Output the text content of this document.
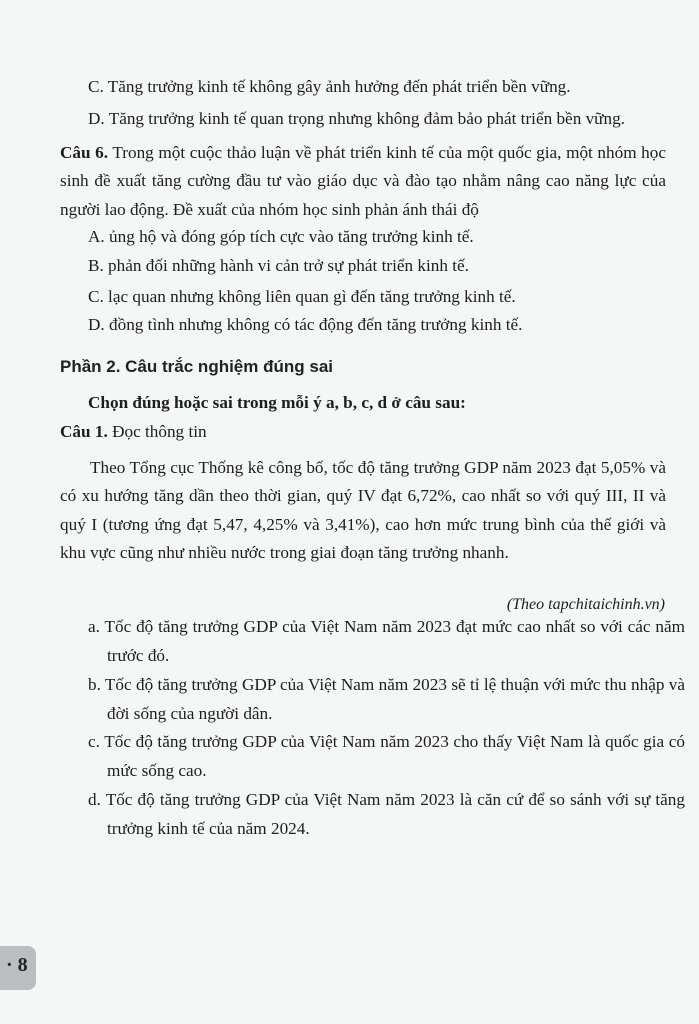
C. Tăng trưởng kinh tế không gây ảnh hưởng đến phát triển bền vững.
D. Tăng trưởng kinh tế quan trọng nhưng không đảm bảo phát triển bền vững.
Câu 6. Trong một cuộc thảo luận về phát triển kinh tế của một quốc gia, một nhóm học sinh đề xuất tăng cường đầu tư vào giáo dục và đào tạo nhằm nâng cao năng lực của người lao động. Đề xuất của nhóm học sinh phản ánh thái độ
A. ủng hộ và đóng góp tích cực vào tăng trưởng kinh tế.
B. phản đối những hành vi cản trở sự phát triển kinh tế.
C. lạc quan nhưng không liên quan gì đến tăng trưởng kinh tế.
D. đồng tình nhưng không có tác động đến tăng trưởng kinh tế.
Phần 2. Câu trắc nghiệm đúng sai
Chọn đúng hoặc sai trong mỗi ý a, b, c, d ở câu sau:
Câu 1. Đọc thông tin
Theo Tổng cục Thống kê công bố, tốc độ tăng trưởng GDP năm 2023 đạt 5,05% và có xu hướng tăng dần theo thời gian, quý IV đạt 6,72%, cao nhất so với quý III, II và quý I (tương ứng đạt 5,47, 4,25% và 3,41%), cao hơn mức trung bình của thế giới và khu vực cũng như nhiều nước trong giai đoạn tăng trưởng nhanh.
(Theo tapchitaichinh.vn)
a. Tốc độ tăng trưởng GDP của Việt Nam năm 2023 đạt mức cao nhất so với các năm trước đó.
b. Tốc độ tăng trưởng GDP của Việt Nam năm 2023 sẽ tỉ lệ thuận với mức thu nhập và đời sống của người dân.
c. Tốc độ tăng trưởng GDP của Việt Nam năm 2023 cho thấy Việt Nam là quốc gia có mức sống cao.
d. Tốc độ tăng trưởng GDP của Việt Nam năm 2023 là căn cứ để so sánh với sự tăng trưởng kinh tế của năm 2024.
· 8
